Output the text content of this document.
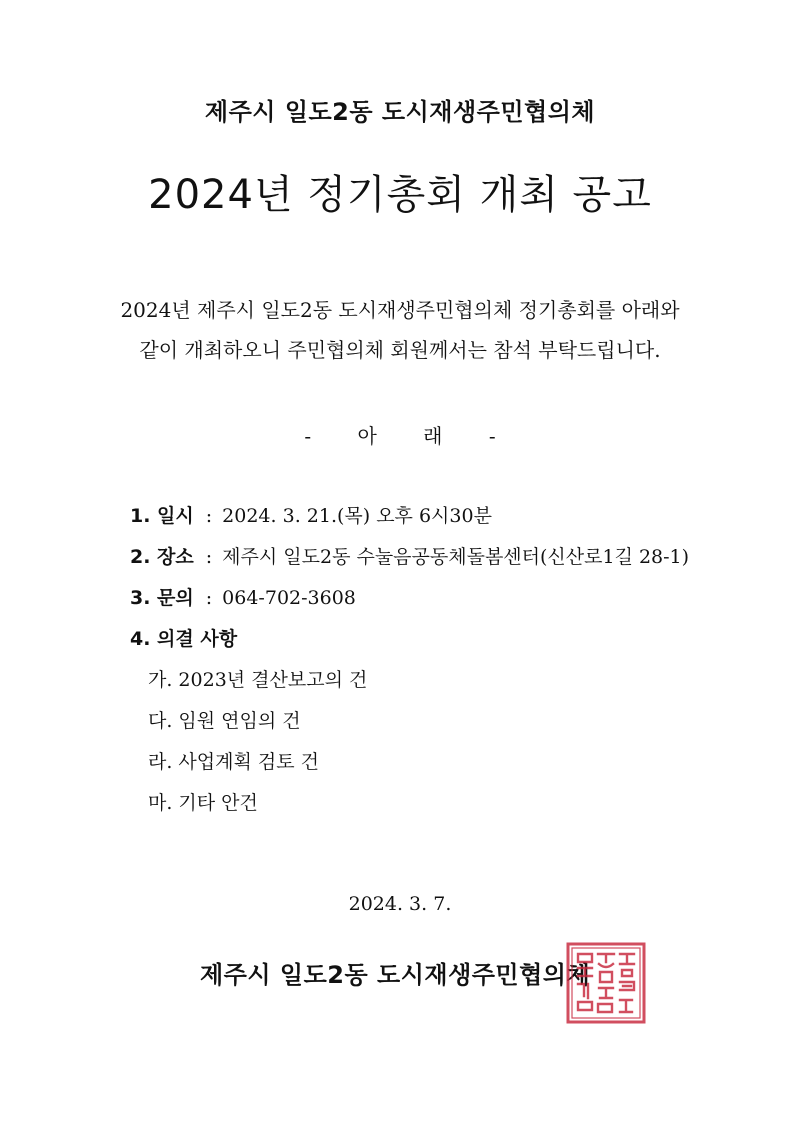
제주시 일도2동 도시재생주민협의체
2024년 정기총회 개최 공고
2024년 제주시 일도2동 도시재생주민협의체 정기총회를 아래와
같이 개최하오니 주민협의체 회원께서는 참석 부탁드립니다.
- 아 래 -
1. 일시 : 2024. 3. 21.(목) 오후 6시30분
2. 장소 : 제주시 일도2동 수눌음공동체돌봄센터(신산로1길 28-1)
3. 문의 : 064-702-3608
4. 의결 사항
가. 2023년 결산보고의 건
다. 임원 연임의 건
라. 사업계획 검토 건
마. 기타 안건
2024. 3. 7.
제주시 일도2동 도시재생주민협의체
